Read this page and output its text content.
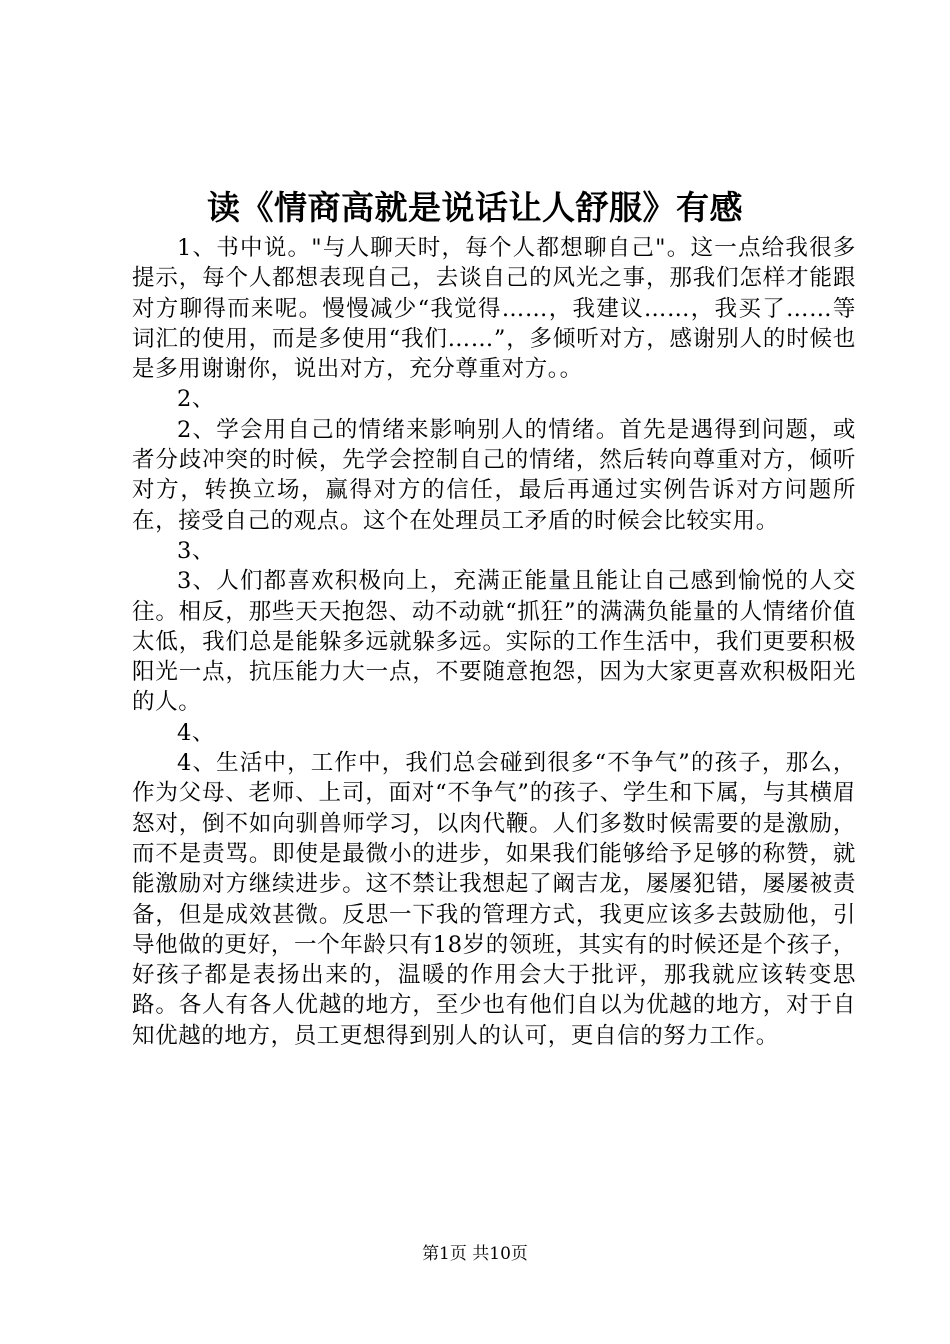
读《情商高就是说话让人舒服》有感

1、书中说。"与人聊天时，每个人都想聊自己"。这一点给我很多提示，每个人都想表现自己，去谈自己的风光之事，那我们怎样才能跟对方聊得而来呢。慢慢减少“我觉得……，我建议……，我买了……等词汇的使用，而是多使用“我们……”，多倾听对方，感谢别人的时候也是多用谢谢你，说出对方，充分尊重对方。。

2、

2、学会用自己的情绪来影响别人的情绪。首先是遇得到问题，或者分歧冲突的时候，先学会控制自己的情绪，然后转向尊重对方，倾听对方，转换立场，赢得对方的信任，最后再通过实例告诉对方问题所在，接受自己的观点。这个在处理员工矛盾的时候会比较实用。

3、

3、人们都喜欢积极向上，充满正能量且能让自己感到愉悦的人交往。相反，那些天天抱怨、动不动就“抓狂”的满满负能量的人情绪价值太低，我们总是能躲多远就躲多远。实际的工作生活中，我们更要积极阳光一点，抗压能力大一点，不要随意抱怨，因为大家更喜欢积极阳光的人。

4、

4、生活中，工作中，我们总会碰到很多“不争气”的孩子，那么，作为父母、老师、上司，面对“不争气”的孩子、学生和下属，与其横眉怒对，倒不如向驯兽师学习，以肉代鞭。人们多数时候需要的是激励，而不是责骂。即使是最微小的进步，如果我们能够给予足够的称赞，就能激励对方继续进步。这不禁让我想起了阚吉龙，屡屡犯错，屡屡被责备，但是成效甚微。反思一下我的管理方式，我更应该多去鼓励他，引导他做的更好，一个年龄只有18岁的领班，其实有的时候还是个孩子，好孩子都是表扬出来的，温暖的作用会大于批评，那我就应该转变思路。各人有各人优越的地方，至少也有他们自以为优越的地方，对于自知优越的地方，员工更想得到别人的认可，更自信的努力工作。

第1页 共10页
